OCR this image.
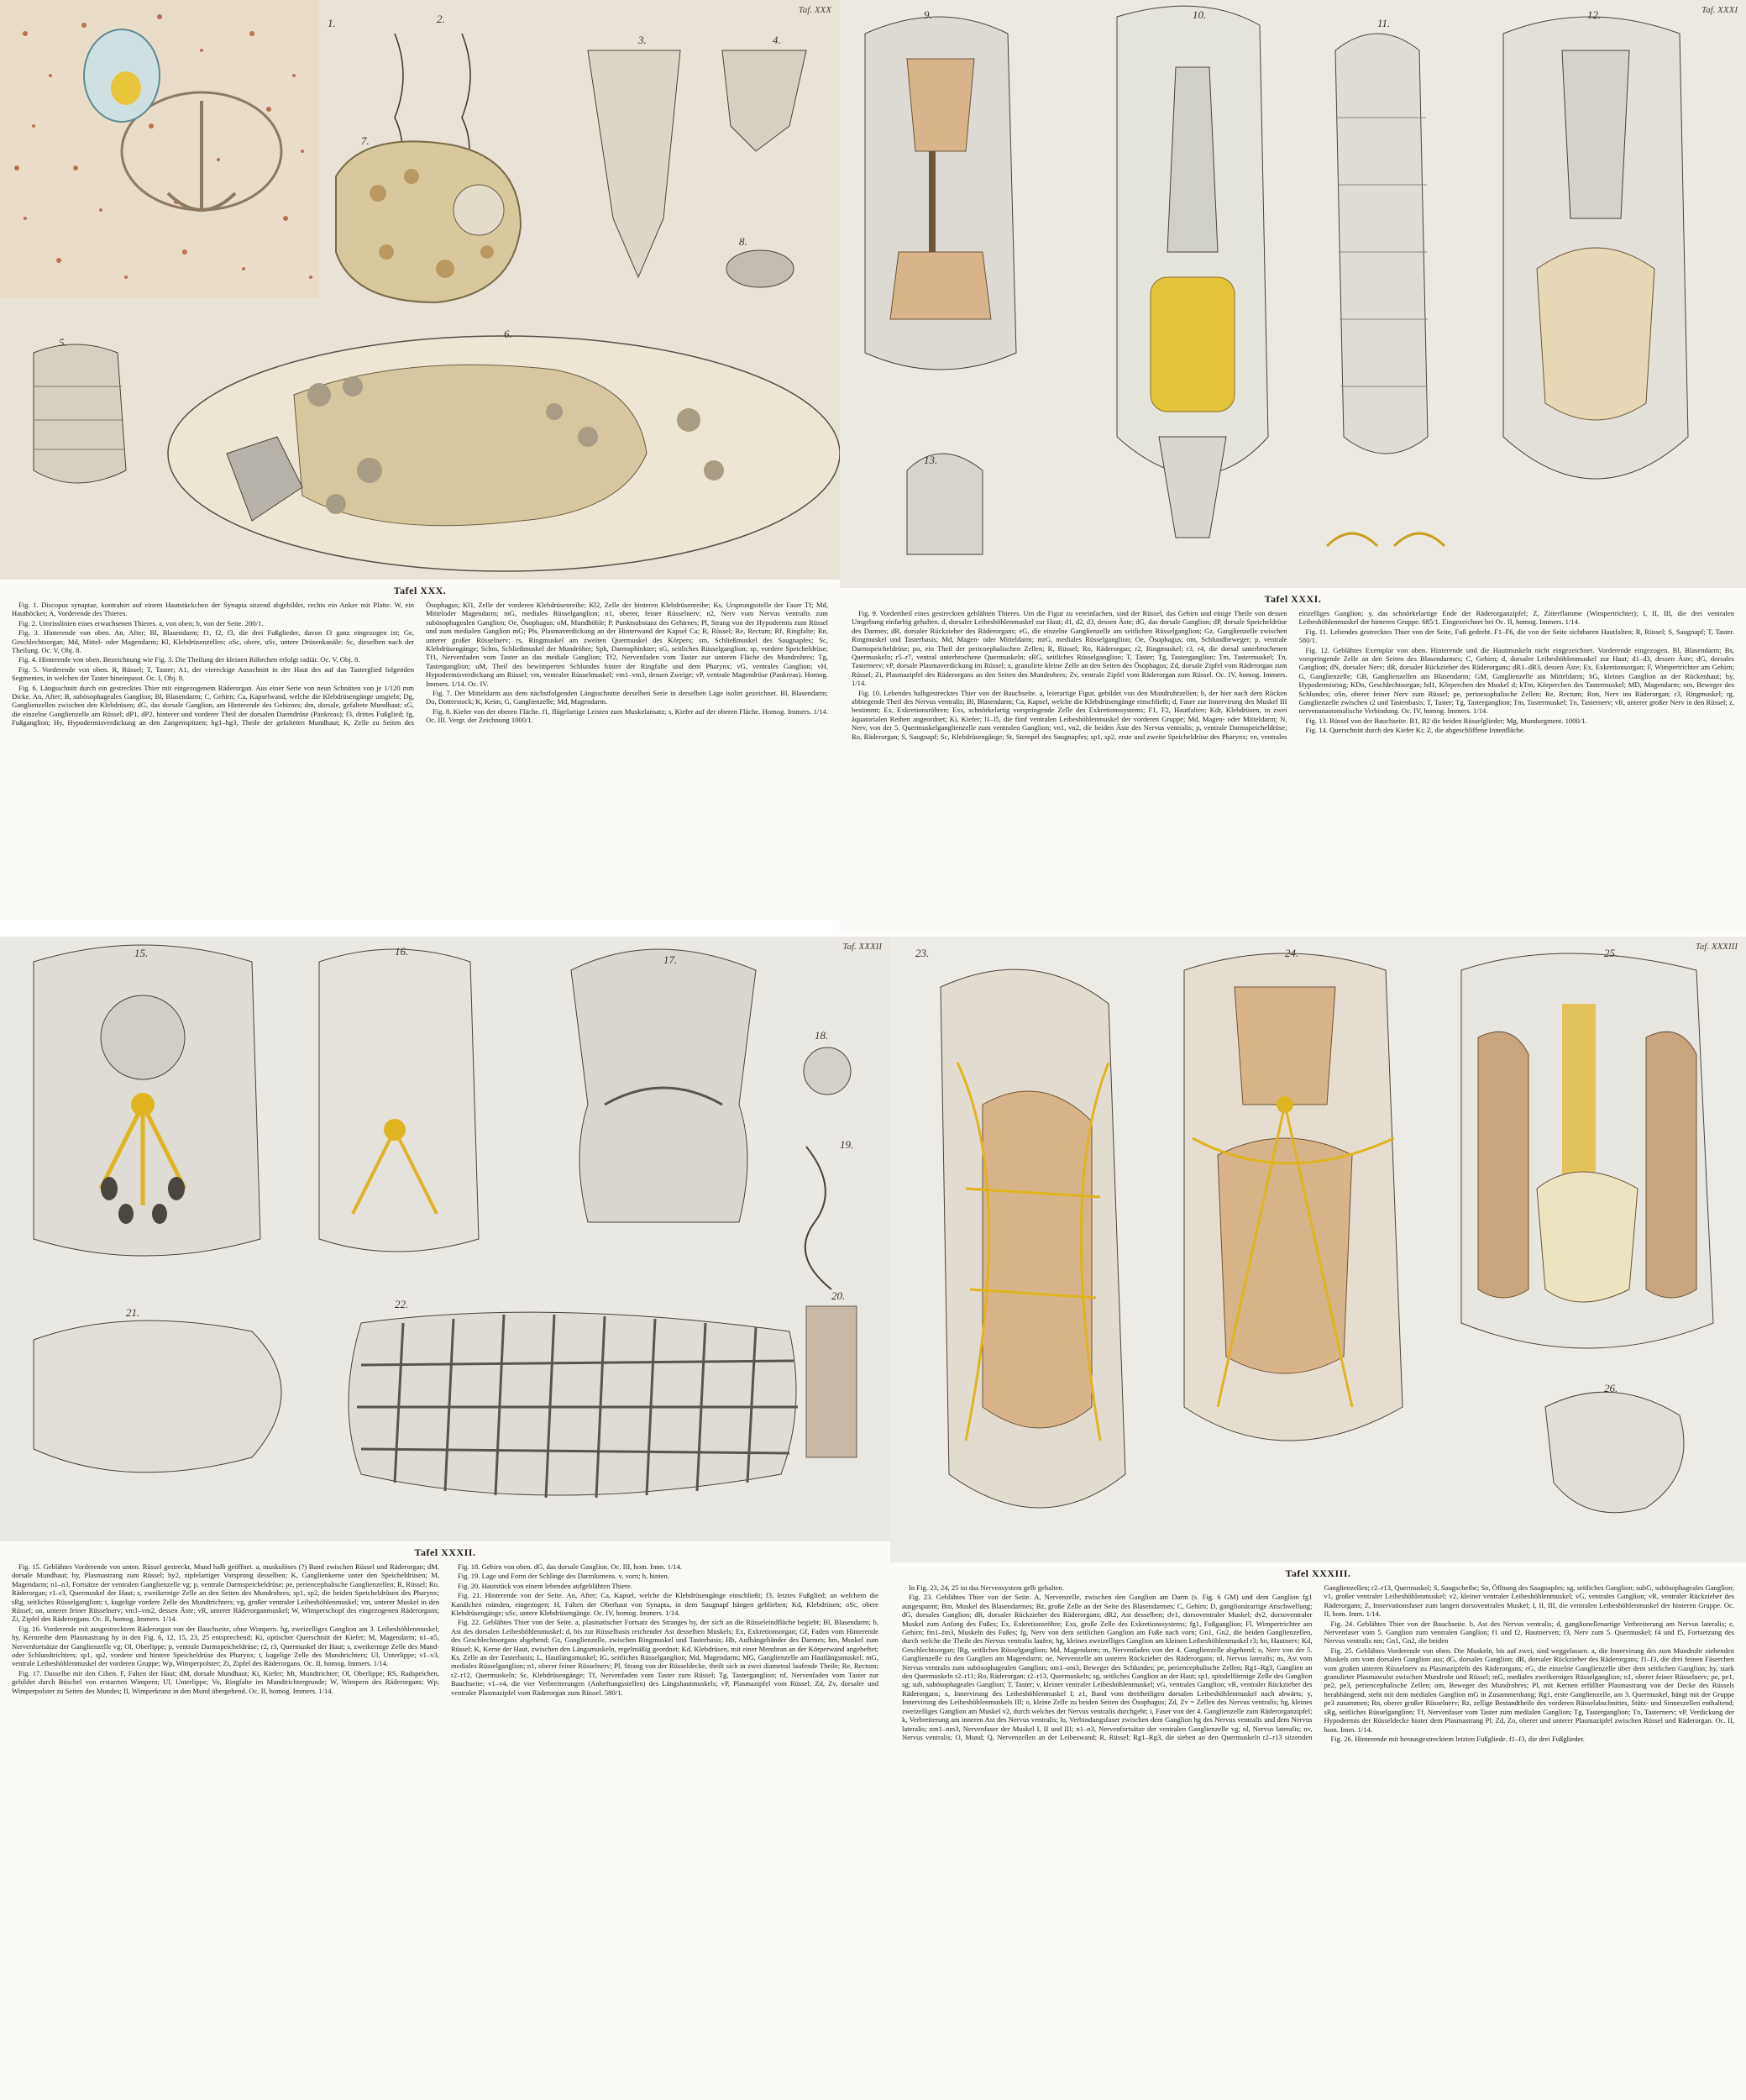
Taf. XXX
1.	2.
3.	4.
5.
6.
7.
8.
Tafel XXX.

Fig. 1. Discopus synaptae, kontrahirt auf einem Hautstückchen der Synapta sitzend abgebildet, rechts ein Anker mit Platte. W, ein Hauthöcker; A, Vorderende des Thieres.

Fig. 2. Umrisslinien eines erwachsenen Thieres. a, von oben; b, von der Seite. 200/1.

Fig. 3. Hinterende von oben. An, After; Bl, Blasendarm; f1, f2, f3, die drei Fußglieder, davon f3 ganz eingezogen ist; Ge, Geschlechtsorgan; Md, Mittel- oder Magendarm; Kl, Klebdrüsenzellen; oSc, obere, uSc, untere Drüsenkanäle; Sc, dieselben nach der Theilung. Oc. V, Obj. 8.

Fig. 4. Hinterende von oben. Bezeichnung wie Fig. 3. Die Theilung der kleinen Röhrchen erfolgt radiär. Oc. V, Obj. 8.

Fig. 5. Vorderende von oben. R, Rüssel; T, Taster; A1, der viereckige Ausschnitt in der Haut des auf das Tasterglied folgenden Segmentes, in welchen der Taster hineinpasst. Oc. I, Obj. 8.

Fig. 6. Längsschnitt durch ein gestrecktes Thier mit eingezogenem Räderorgan. Aus einer Serie von neun Schnitten von je 1/120 mm Dicke. An, After; B, subösophageales Ganglion; Bl, Blasendarm; C, Gehirn; Ca, Kapselwand, welche die Klebdrüsengänge umgiebt; Dg, Ganglienzellen zwischen den Klebdrüsen; dG, das dorsale Ganglion, am Hinterende des Gehirnes; dm, dorsale, gefaltete Mundhaut; sG, die einzelne Ganglienzelle am Rüssel; dP1, dP2, hinterer und vorderer Theil der dorsalen Darmdrüse (Pankreas); f3, drittes Fußglied; fg, Fußganglion; Hy, Hypodermisverdickung an den Zangenspitzen; hg1–hg3, Theile der gefalteten Mundhaut; K, Zelle zu Seiten des Ösophagus; Kl1, Zelle der vorderen Klebdrüsenreihe; Kl2, Zelle der hinteren Klebdrüsenreihe; Ks, Ursprungsstelle der Faser Tf; Md, Mitteloder Magendarm; mG, mediales Rüsselganglion; n1, oberer, feiner Rüsselnerv; n2, Nerv vom Nervus ventralis zum subösophagealen Ganglion; Oe, Ösophagus; oM, Mundhöhle; P, Punktsubstanz des Gehirnes; Pl, Strang von der Hypodermis zum Rüssel und zum medialen Ganglion mG; Pls, Plasmaverdickung an der Hinterwand der Kapsel Ca; R, Rüssel; Re, Rectum; Rf, Ringfalte; Rn, unterer großer Rüsselnerv; rs, Ringmuskel am zweiten Quermuskel des Körpers; sm, Schließmuskel des Saugnapfes; Sc, Klebdrüsengänge; Schm, Schließmuskel der Mundröhre; Sph, Darmsphinkter; sG, seitliches Rüsselganglion; sp, vordere Speicheldrüse; Tf1, Nervenfaden vom Taster an das mediale Ganglion; Tf2, Nervenfaden vom Taster zur unteren Fläche des Mundrohres; Tg, Tasterganglion; uM, Theil des bewimperten Schlundes hinter der Ringfalte und dem Pharynx; vG, ventrales Ganglion; vH, Hypodermisverdickung am Rüssel; vm, ventraler Rüsselmuskel; vm1–vm3, dessen Zweige; vP, ventrale Magendrüse (Pankreas). Homog. Immers. 1/14. Oc. IV.

Fig. 7. Der Mitteldarm aus dem nächstfolgenden Längsschnitte derselben Serie in derselben Lage isolirt gezeichnet. Bl, Blasendarm; Do, Dotterstock; K, Keim; G, Ganglienzelle; Md, Magendarm.

Fig. 8. Kiefer von der oberen Fläche. f1, flügelartige Leisten zum Muskelansatz; s, Kiefer auf der oberen Fläche. Homog. Immers. 1/14. Oc. III. Vergr. der Zeichnung 1000/1.

Taf. XXXI
9.	10.
11.
12.
13.
Tafel XXXI.

Fig. 9. Vordertheil eines gestreckten geblähten Thieres. Um die Figur zu vereinfachen, sind der Rüssel, das Gehirn und einige Theile von dessen Umgebung einfarbig gehalten. d, dorsaler Leibeshöhlenmuskel zur Haut; d1, d2, d3, dessen Äste; dG, das dorsale Ganglion; dP, dorsale Speicheldrüse des Darmes; dR, dorsaler Rückzieher des Räderorgans; eG, die einzelne Ganglienzelle am seitlichen Rüsselganglion; Gz, Ganglienzelle zwischen Ringmuskel und Tasterbasis; Md, Magen- oder Mitteldarm; mrG, mediales Rüsselganglion; Oe, Ösophagus; om, Schlundbeweger; p, ventrale Darmspeicheldrüse; po, ein Theil der pericoephalischen Zellen; R, Rüssel; Ro, Räderorgan; r2, Ringmuskel; r3, r4, die dorsal unterbrochenen Quermuskeln; r5–r7, ventral unterbrochene Quermuskeln; sRG, seitliches Rüsselganglion; T, Taster; Tg, Tasterganglion; Tm, Tastermuskel; Tn, Tasternerv; vP, dorsale Plasmaverdickung im Rüssel; x, granulirte kleine Zelle an den Seiten des Ösophagus; Zd, dorsale Zipfel vom Räderorgan zum Rüssel; Zi, Plasmazipfel des Räderorgans an den Seiten des Mundrohres; Zv, ventrale Zipfel vom Räderorgan zum Rüssel. Oc. IV, homog. Immers. 1/14.

Fig. 10. Lebendes halbgestrecktes Thier von der Bauchseite. a, leierartige Figur, gebildet von den Mundrohrzellen; b, der hier nach dem Rücken abbiegende Theil des Nervus ventralis; Bl, Blasendarm; Ca, Kapsel, welche die Klebdrüsengänge einschließt; d, Faser zur Innervirung des Muskel III bestimmt; Ex, Exkretionsröhren; Exs, schnörkelartig vorspringende Zelle des Exkretionssystems; F1, F2, Hautfalten; Kdr, Klebdrüsen, in zwei äquatorialen Reihen angeordnet; Ki, Kiefer; l1–l5, die fünf ventralen Leibeshöhlenmuskel der vorderen Gruppe; Md, Magen- oder Mitteldarm; N, Nerv, von der 5. Quermuskelganglienzelle zum ventralen Ganglion; vn1, vn2, die beiden Äste des Nervus ventralis; p, ventrale Darmspeicheldrüse; Ro, Räderorgan; S, Saugnapf; Sc, Klebdrüsengänge; St, Stempel des Saugnapfes; sp1, sp2, erste und zweite Speicheldrüse des Pharynx; vn, ventrales einzelliges Ganglion; y, das schnörkelartige Ende der Räderorganzipfel; Z, Zitterflamme (Wimpertrichter); I, II, III, die drei ventralen Leibeshöhlenmuskel der hinteren Gruppe. 685/1. Eingezeichnet bei Oc. II, homog. Immers. 1/14.

Fig. 11. Lebendes gestrecktes Thier von der Seite, Fuß gedreht. F1–F6, die von der Seite sichtbaren Hautfalten; R, Rüssel; S, Saugnapf; T, Taster. 580/1.

Fig. 12. Geblähtes Exemplar von oben. Hinterende und die Hautmuskeln nicht eingezeichnet. Vorderende eingezogen. Bl, Blasendarm; Bs, vorspringende Zelle an den Seiten des Blasendarmes; C, Gehirn; d, dorsaler Leibeshöhlenmuskel zur Haut; d1–d3, dessen Äste; dG, dorsales Ganglion; dN, dorsaler Nerv; dR, dorsaler Rückzieher des Räderorgans; dR1–dR3, dessen Äste; Ex, Exkretionsorgan; F, Wimpertrichter am Gehirn; G, Ganglienzelle; GB, Ganglienzellen am Blasendarm; GM, Ganglienzelle am Mitteldarm; hG, kleines Ganglion an der Rückenhaut; hy, Hypodermisring; KDo, Geschlechtsorgan; hd1, Körperchen des Muskel d; kTm, Körperchen des Tastermuskel; MD, Magendarm; om, Beweger des Schlundes; oSn, oberer feiner Nerv zum Rüssel; pe, perioesophalische Zellen; Re, Rectum; Ron, Nerv ins Räderorgan; r3, Ringmuskel; rg, Ganglienzelle zwischen r2 und Tastenbasis; T, Taster; Tg, Tasterganglion; Tm, Tastermuskel; Tn, Tasternerv; vR, unterer großer Nerv in den Rüssel; z, nervenanastomalische Verbindung. Oc. IV, homog. Immers. 1/14.

Fig. 13. Rüssel von der Bauchseite. B1, B2 die beiden Rüsselglieder; Mg, Mundsegment. 1000/1.

Fig. 14. Querschnitt durch den Kiefer Ki; Z, die abgeschliffene Innenfläche.

Taf. XXXII
15.	16.
17.
18.
19.
20.
21.
22.
Tafel XXXII.

Fig. 15. Geblähtes Vorderende von unten. Rüssel gestreckt, Mund halb geöffnet. a, muskulöses (?) Band zwischen Rüssel und Räderorgan; dM, dorsale Mundhaut; hy, Plasmastrang zum Rüssel; hy2, zipfelartiger Vorsprung desselben; K, Ganglienkerne unter den Speicheldrüsen; M, Magendarm; n1–n3, Fortsätze der ventralen Ganglienzelle vg; p, ventrale Darmspeicheldrüse; pe, periencephalische Ganglienzellen; R, Rüssel; Ro, Räderorgan; r1–r3, Quermuskel der Haut; s, zweikernige Zelle an den Seiten des Mundrohres; sp1, sp2, die beiden Speicheldrüsen des Pharynx; sRg, seitliches Rüsselganglion; t, kugelige vordere Zelle des Mundtrichters; vg, großer ventraler Leibeshöhlenmuskel; vm, unterer Muskel in den Rüssel; on, unterer feiner Rüsselnerv; vm1–vm2, dessen Äste; vR, unterer Räderorganmuskel; W, Wimperschopf des eingezogenen Räderorgans; Zi, Zipfel des Räderorgans. Oc. II, homog. Immers. 1/14.

Fig. 16. Vorderende mit ausgestrecktem Räderorgan von der Bauchseite, ohne Wimpern. hg, zweizelliges Ganglion am 3. Leibeshöhlenmuskel; hy, Kernreihe dem Plasmastrang hy in den Fig. 6, 12, 15, 23, 25 entsprechend; Ki, optischer Querschnitt der Kiefer; M, Magendarm; n1–n5, Nervenfortsätze der Ganglienzelle vg; Ol, Oberlippe; p, ventrale Darmspeicheldrüse; r2, r3, Quermuskel der Haut; s, zweikernige Zelle des Mund- oder Schlundtrichters; sp1, sp2, vordere und hintere Speicheldrüse des Pharynx; t, kugelige Zelle des Mundtrichters; Ul, Unterlippe; v1–v3, ventrale Leibeshöhlenmuskel der vorderen Gruppe; Wp, Wimperpolster; Zi, Zipfel des Räderorgans. Oc. II, homog. Immers. 1/14.

Fig. 17. Dasselbe mit den Cilien. F, Falten der Haut; dM, dorsale Mundhaut; Ki, Kiefer; Mt, Mundtrichter; Ol, Oberlippe; RS, Radspeichen, gebildet durch Büschel von erstarrten Wimpern; Ul, Unterlippe; Vo, Ringfalte im Mundtrichtergrunde; W, Wimpern des Räderorgans; Wp, Wimperpolster zu Seiten des Mundes; II, Wimperkranz in den Mund übergehend. Oc. II, homog. Immers. 1/14.

Fig. 18. Gehirn von oben. dG, das dorsale Ganglion. Oc. III, hom. Imm. 1/14.

Fig. 19. Lage und Form der Schlinge des Darmlumens. v, vorn; h, hinten.

Fig. 20. Hautstück von einem lebenden aufgeblähten Thiere.

Fig. 21. Hinterende von der Seite. An, After; Ca, Kapsel, welche die Klebdrüsengänge einschließt; f3, letztes Fußglied; an welchem die Kanälchen münden, eingezogen; H, Falten der Oberhaut von Synapta, in dem Saugnapf hängen geblieben; Kd, Klebdrüsen; oSc, obere Klebdrüsengänge; uSc, untere Klebdrüsengänge. Oc. IV, homog. Immers. 1/14.

Fig. 22. Geblähtes Thier von der Seite. a, plasmatischer Fortsatz des Stranges hy, der sich an die Rüsseleindfläche begiebt; Bl, Blasendarm; b, Ast des dorsalen Leibeshöhlenmuskel; d, bis zur Rüsselbasis reichender Ast desselben Muskels; Ex, Exkretionsorgan; Gf, Faden vom Hinterende des Geschlechtsorgans abgehend; Gz, Ganglienzelle, zwischen Ringmuskel und Tasterbasis; Hb, Aufhängebänder des Darmes; hm, Muskel zum Rüssel; K, Kerne der Haut, zwischen den Längsmuskeln, regelmäßig geordnet; Kd, Klebdrüsen, mit einer Membran an der Körperwand angeheftet; Ks, Zelle an der Tasterbasis; L, Hautlängsmuskel; IG, seitliches Rüsselganglion; Md, Magendarm; MG, Ganglienzelle am Hautlängsmuskel; mG, mediales Rüsselganglion; n1, oberer feiner Rüsselnerv; Pl, Strang von der Rüsseldecke, theilt sich in zwei diametral laufende Theile; Re, Rectum; r2–r12, Quermuskeln; Sc, Klebdrüsengänge; Tf, Nervenfaden vom Taster zum Rüssel; Tg, Tasterganglion; nf, Nervenfaden vom Taster zur Bauchseite; v1–v4, die vier Verbreiterungen (Anheftungsstellen) des Längshautmuskels; vP, Plasmazipfel vom Rüssel; Zd, Zv, dorsaler und ventraler Plasmazipfel vom Räderorgan zum Rüssel. 580/1.

Taf. XXXIII
23.	24.	25.
26.
Tafel XXXIII.

In Fig. 23, 24, 25 ist das Nervensystem gelb gehalten.

Fig. 23. Geblähtes Thier von der Seite. A, Nervenzelle, zwischen den Ganglion am Darm (s. Fig. 6 GM) und dem Ganglion fg1 ausgespannt; Bm, Muskel des Blasendarmes; Bz, große Zelle an der Seite des Blasendarmes; C, Gehirn; D, ganglionärartige Anschwellung; dG, dorsales Ganglion; dR, dorsaler Rückzieher des Räderorgans; dR2, Ast desselben; dv1, dorsoventraler Muskel; dv2, dorsoventraler Muskel zum Anfang des Fußes; Ex, Exkretionsröhre; Exs, große Zelle des Exkretionssystems; fg1, Fußganglion; Fl, Wimpertrichter am Gehirn; fm1–fm3, Muskeln des Fußes; fg, Nerv von dem seitlichen Ganglion am Fuße nach vorn; Gn1, Gn2, die beiden Ganglienzellen, durch welche die Theile des Nervus ventralis laufen; hg, kleines zweizelliges Ganglion am kleinen Leibeshöhlenmuskel r3; hn, Hautnerv; Kd, Geschlechtsorgan; lRg, seitliches Rüsselganglion; Md, Magendarm; m, Nervenfaden von der 4. Ganglienzelle abgehend; n, Nerv von der 5. Ganglienzelle zu den Ganglien am Magendarm; ne, Nervenzelle am unteren Rückzieher des Räderorgans; nl, Nervus lateralis; ns, Ast vom Nervus ventralis zum subösophagealen Ganglion; om1–om3, Beweger des Schlundes; pe, periencephalische Zellen; Rg1–Rg3, Ganglien an den Quermuskeln r2–r11; Ro, Räderorgan; r2–r13, Quermuskeln; sg, seitliches Ganglion an der Haut; sp1, spindelförmige Zelle des Ganglion sg; sub, subösophageales Ganglion; T, Taster; v, kleiner ventraler Leibeshöhlenmuskel; vG, ventrales Ganglion; vR, ventraler Rückzieher des Räderorgans; x, Innervirung des Leibeshöhlenmuskel I; z1, Band vom dreitheiligen dorsalen Leibeshöhlenmuskel nach abwärts; y, Innervirung des Leibeshöhlenmuskels III; o, kleine Zelle zu beiden Seiten des Ösophagus; Zd, Zv = Zellen des Nervus ventralis; hg, kleines zweizelliges Ganglion am Muskel v2, durch welches der Nervus ventralis durchgeht; i, Faser von der 4. Ganglienzelle zum Räderorganzipfel; k, Verbreiterung am inneren Ast des Nervus ventralis; lo, Verbindungsfaser zwischen dem Ganglion hg des Nervus ventralis und dem Nervus lateralis; nm1–nm3, Nervenfaser der Muskel I, II und III; n1–n3, Nervenfortsätze der ventralen Ganglienzelle vg; nl, Nervus lateralis; nv, Nervus ventralis; O, Mund; Q, Nervenzellen an der Leibeswand; R, Rüssel; Rg1–Rg3, die sieben an den Quermuskeln r2–r13 sitzenden Ganglienzellen; r2–r13, Quermuskel; S, Saugscheibe; So, Öffnung des Saugnapfes; sg, seitliches Ganglion; subG, subösophageales Ganglion; v1, großer ventraler Leibeshöhlenmuskel; v2, kleiner ventraler Leibeshöhlenmuskel; vG, ventrales Ganglion; vR, ventraler Rückzieher des Räderorgans; Z, Innervationsfaser zum langen dorsoventralen Muskel; I, II, III, die ventralen Leibeshöhlenmuskel der hinteren Gruppe. Oc. II, hom. Imm. 1/14.

Fig. 24. Geblähtes Thier von der Bauchseite. b, Ast des Nervus ventralis; d, ganglionellenartige Verbreiterung am Nervus lateralis; e, Nervenfaser vom 5. Ganglion zum ventralen Ganglion; f1 und f2, Hautnerven; f3, Nerv zum 5. Quermuskel; f4 und f5, Fortsetzung des Nervus ventralis nm; Gn1, Gn2, die beiden

Fig. 25. Geblähtes Vorderende von oben. Die Muskeln, bis auf zwei, sind weggelassen. a, die Innervirung des zum Mundrohr ziehenden Muskels om vom dorsalen Ganglion aus; dG, dorsales Ganglion; dR, dorsaler Rückzieher des Räderorgans; f1–f3, die drei feinen Fäserchen vom großen unteren Rüsselnerv zu Plasmazipfeln des Räderorgans; eG, die einzelne Ganglienzelle über dem seitlichen Ganglion; hy, stark granulirter Plasmawulst zwischen Mundrohr und Rüssel; mG, mediales zweikerniges Rüsselganglion; n1, oberer feiner Rüsselnerv; pe, pe1, pe2, pe3, periencephalische Zellen; om, Beweger des Mundrohres; Pl, mit Kernen erfüllter Plasmastrang von der Decke des Rüssels herabhängend, steht mit dem medialen Ganglion mG in Zusammenhang; Rg1, erste Ganglienzelle, am 3. Quermuskel, hängt mit der Gruppe pe3 zusammen; Rn, oberer großer Rüsselnerv; Rz, zellige Bestandtheile des vorderen Rüsselabschnittes, Stütz- und Sinneszellen enthaltend; sRg, seitliches Rüsselganglion; Tf, Nervenfaser vom Taster zum medialen Ganglion; Tg, Tasterganglion; Tn, Tasternerv; vP, Verdickung der Hypodermis der Rüsseldecke hinter dem Plasmastrang Pl; Zd, Zo, oberer und unterer Plasmazipfel zwischen Rüssel und Räderorgan. Oc. II, hom. Imm. 1/14.

Fig. 26. Hinterende mit herausgestrecktem letzten Fußgliede. f1–f3, die drei Fußglieder.
